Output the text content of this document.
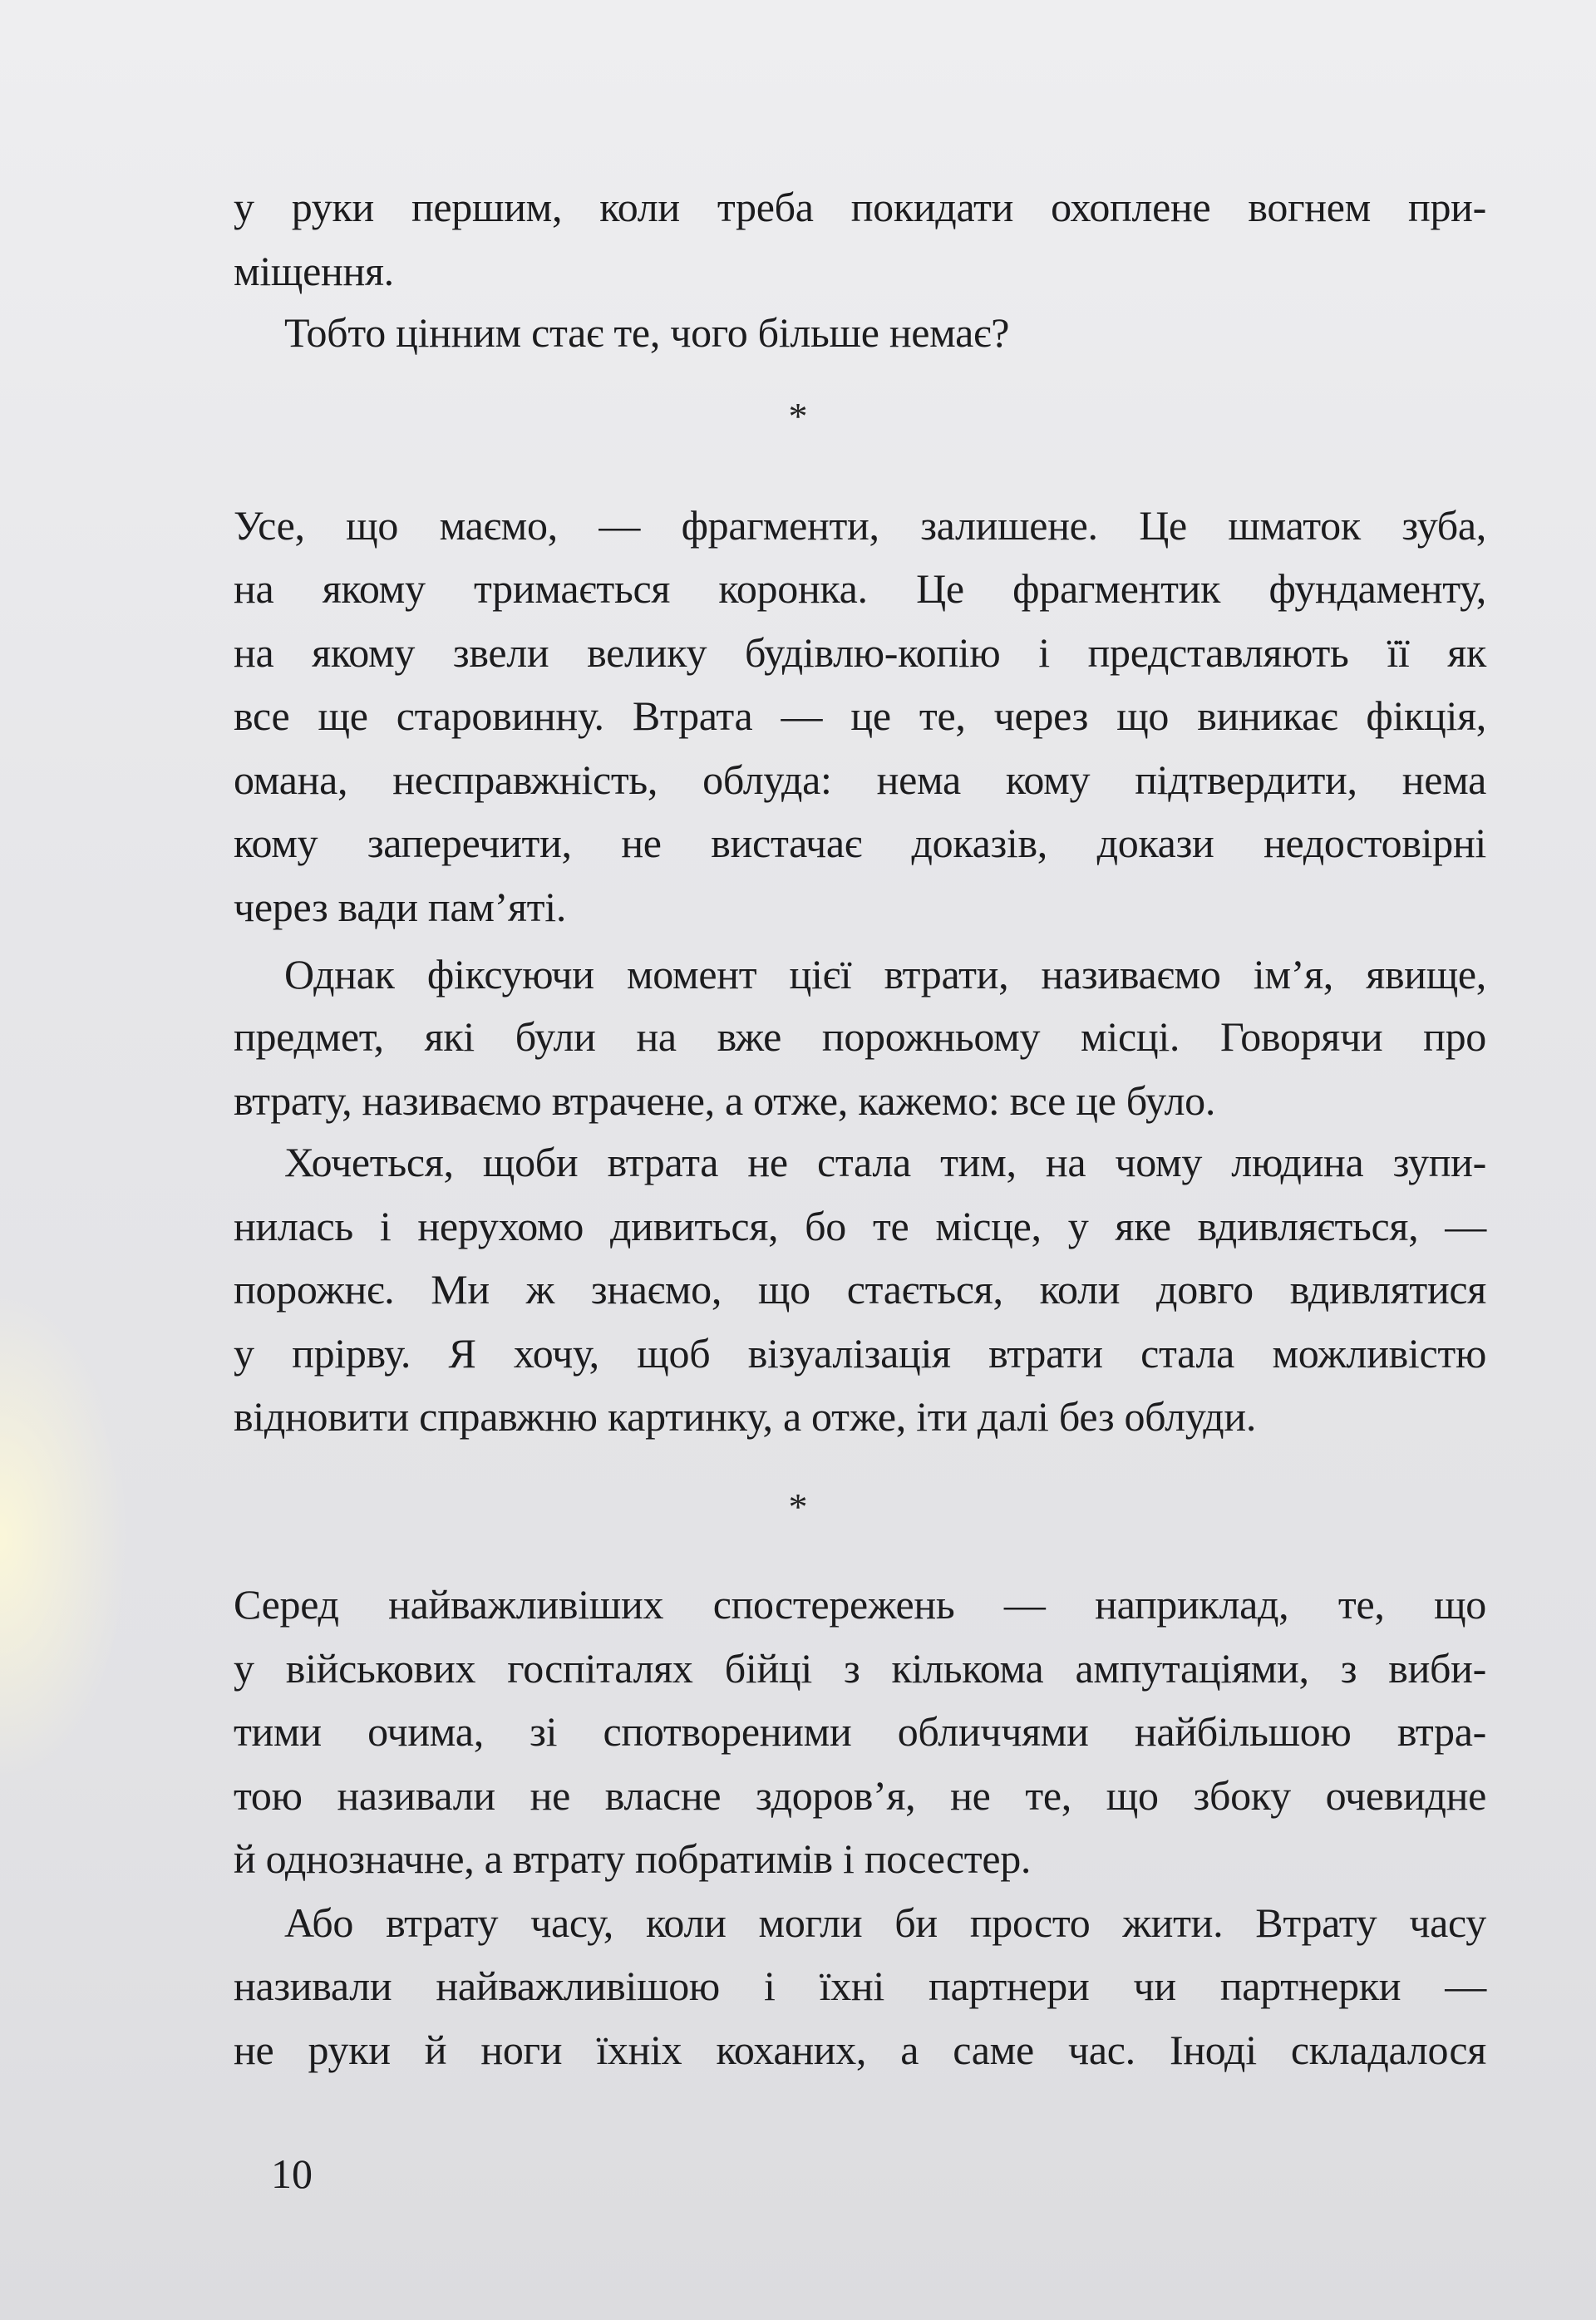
у руки першим, коли треба покидати охоплене вогнем при-
міщення.
Тобто цінним стає те, чого більше немає?
*
Усе, що маємо, — фрагменти, залишене. Це шматок зуба,
на якому тримається коронка. Це фрагментик фундаменту,
на якому звели велику будівлю-копію і представляють її як
все ще старовинну. Втрата — це те, через що виникає фікція,
омана, несправжність, облуда: нема кому підтвердити, нема
кому заперечити, не вистачає доказів, докази недостовірні
через вади пам’яті.
Однак фіксуючи момент цієї втрати, називаємо ім’я, явище,
предмет, які були на вже порожньому місці. Говорячи про
втрату, називаємо втрачене, а отже, кажемо: все це було.
Хочеться, щоби втрата не стала тим, на чому людина зупи-
нилась і нерухомо дивиться, бо те місце, у яке вдивляється, —
порожнє. Ми ж знаємо, що стається, коли довго вдивлятися
у прірву. Я хочу, щоб візуалізація втрати стала можливістю
відновити справжню картинку, а отже, іти далі без облуди.
*
Серед найважливіших спостережень — наприклад, те, що
у військових госпіталях бійці з кількома ампутаціями, з виби-
тими очима, зі спотвореними обличчями найбільшою втра-
тою називали не власне здоров’я, не те, що збоку очевидне
й однозначне, а втрату побратимів і посестер.
Або втрату часу, коли могли би просто жити. Втрату часу
називали найважливішою і їхні партнери чи партнерки —
не руки й ноги їхніх коханих, а саме час. Іноді складалося
10
